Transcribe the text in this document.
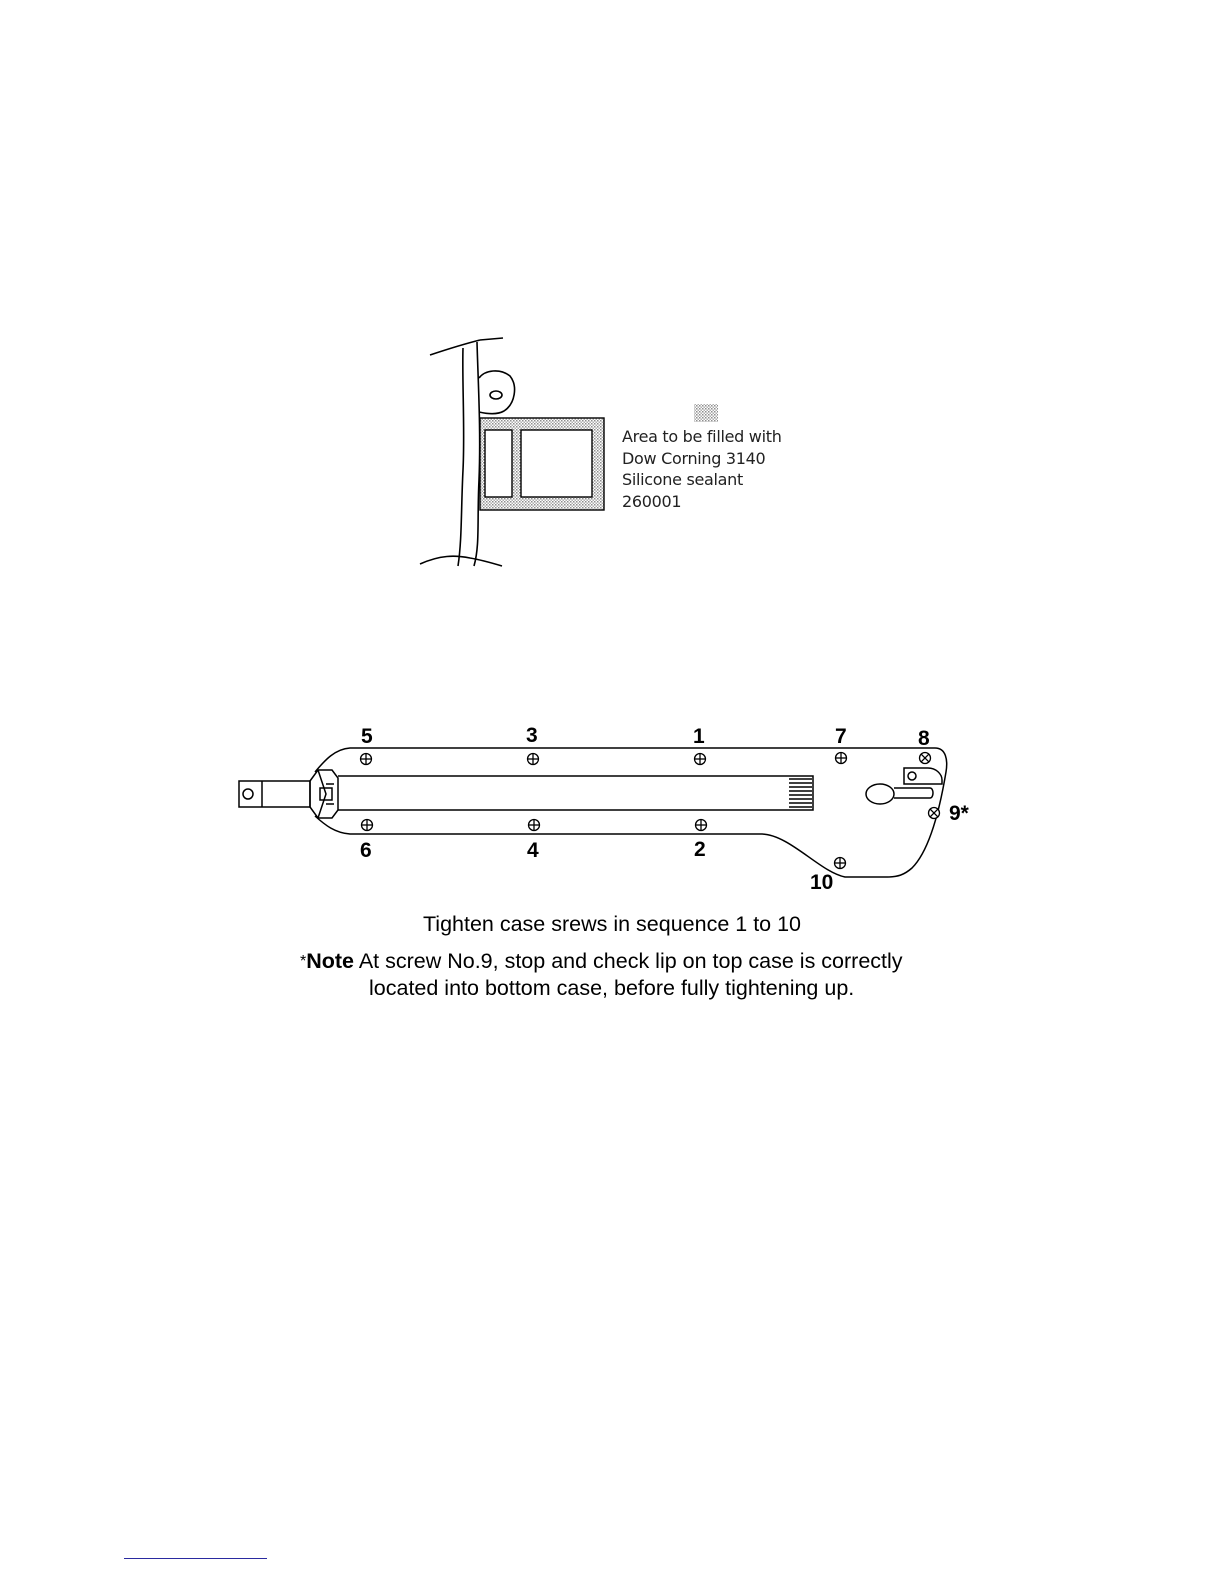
Area to be filled with
Dow Corning 3140
Silicone sealant
260001
1
2
3
4
5
6
7	8
9*
10
Tighten case srews in sequence 1 to 10
*Note At screw No.9, stop and check lip on top case is correctly
located into bottom case, before fully tightening up.
